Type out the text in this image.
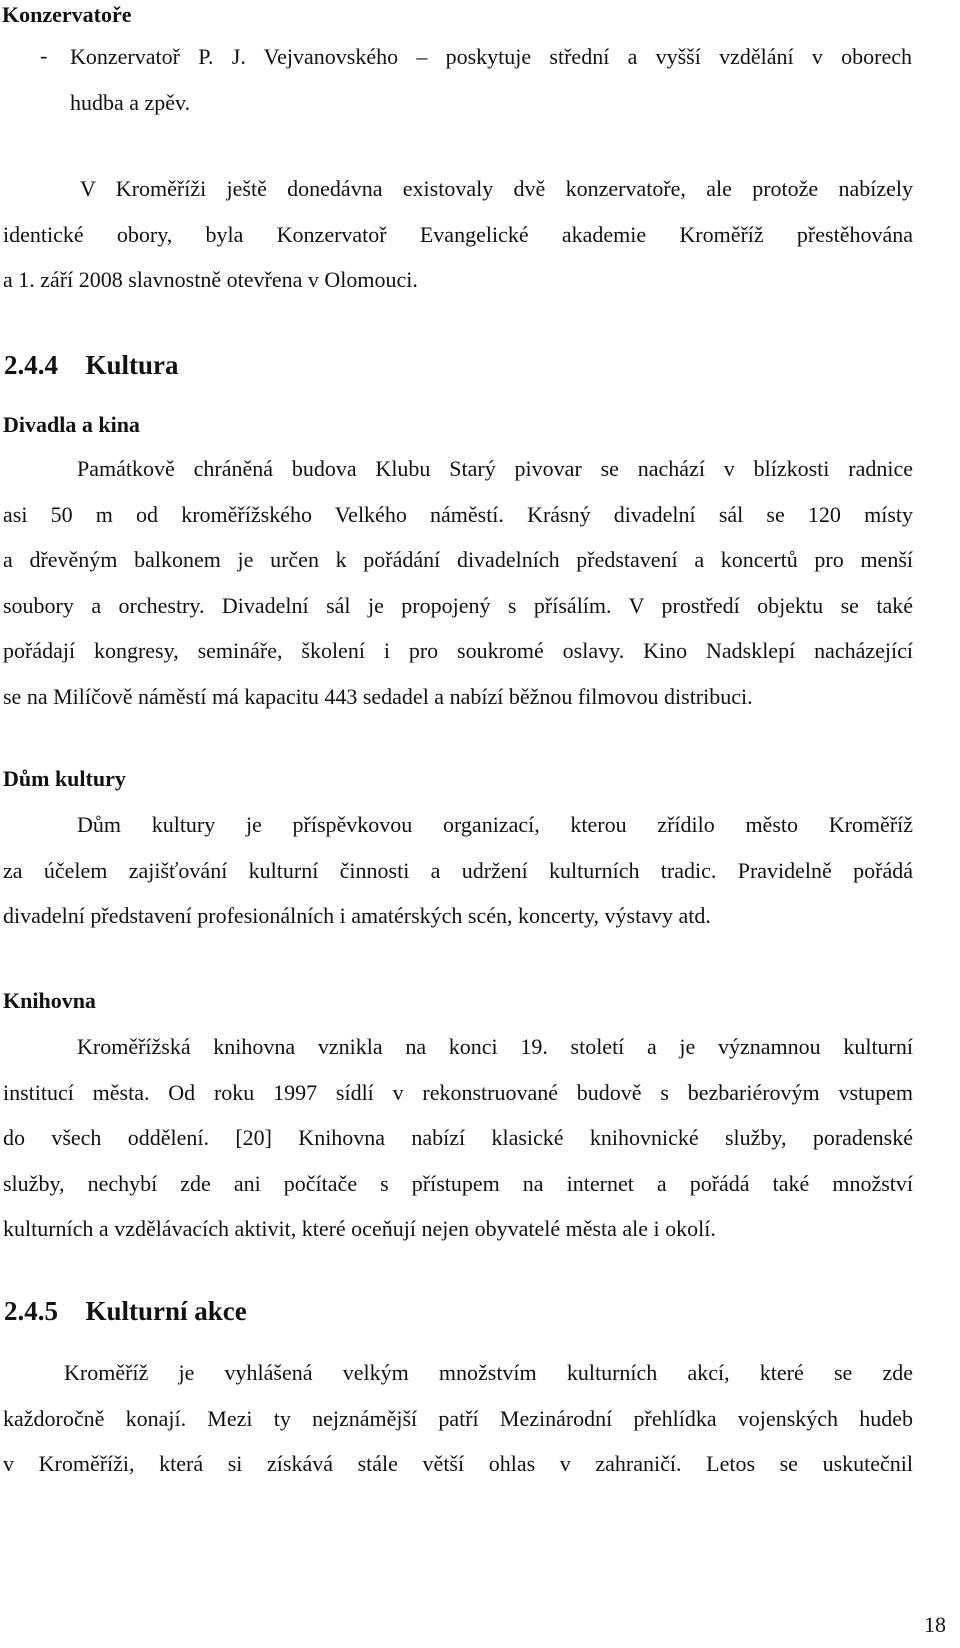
Konzervatoře
- Konzervatoř P. J. Vejvanovského – poskytuje střední a vyšší vzdělání v oborech
hudba a zpěv.
V Kroměříži ještě donedávna existovaly dvě konzervatoře, ale protože nabízely
identické obory, byla Konzervatoř Evangelické akademie Kroměříž přestěhována
a 1. září 2008 slavnostně otevřena v Olomouci.
2.4.4 Kultura
Divadla a kina
Památkově chráněná budova Klubu Starý pivovar se nachází v blízkosti radnice
asi 50 m od kroměřížského Velkého náměstí. Krásný divadelní sál se 120 místy
a dřevěným balkonem je určen k pořádání divadelních představení a koncertů pro menší
soubory a orchestry. Divadelní sál je propojený s přísálím. V prostředí objektu se také
pořádají kongresy, semináře, školení i pro soukromé oslavy. Kino Nadsklepí nacházející
se na Milíčově náměstí má kapacitu 443 sedadel a nabízí běžnou filmovou distribuci.
Dům kultury
Dům kultury je příspěvkovou organizací, kterou zřídilo město Kroměříž
za účelem zajišťování kulturní činnosti a udržení kulturních tradic. Pravidelně pořádá
divadelní představení profesionálních i amatérských scén, koncerty, výstavy atd.
Knihovna
Kroměřížská knihovna vznikla na konci 19. století a je významnou kulturní
institucí města. Od roku 1997 sídlí v rekonstruované budově s bezbariérovým vstupem
do všech oddělení. [20] Knihovna nabízí klasické knihovnické služby, poradenské
služby, nechybí zde ani počítače s přístupem na internet a pořádá také množství
kulturních a vzdělávacích aktivit, které oceňují nejen obyvatelé města ale i okolí.
2.4.5 Kulturní akce
Kroměříž je vyhlášená velkým množstvím kulturních akcí, které se zde
každoročně konají. Mezi ty nejznámější patří Mezinárodní přehlídka vojenských hudeb
v Kroměříži, která si získává stále větší ohlas v zahraničí. Letos se uskutečnil
18
